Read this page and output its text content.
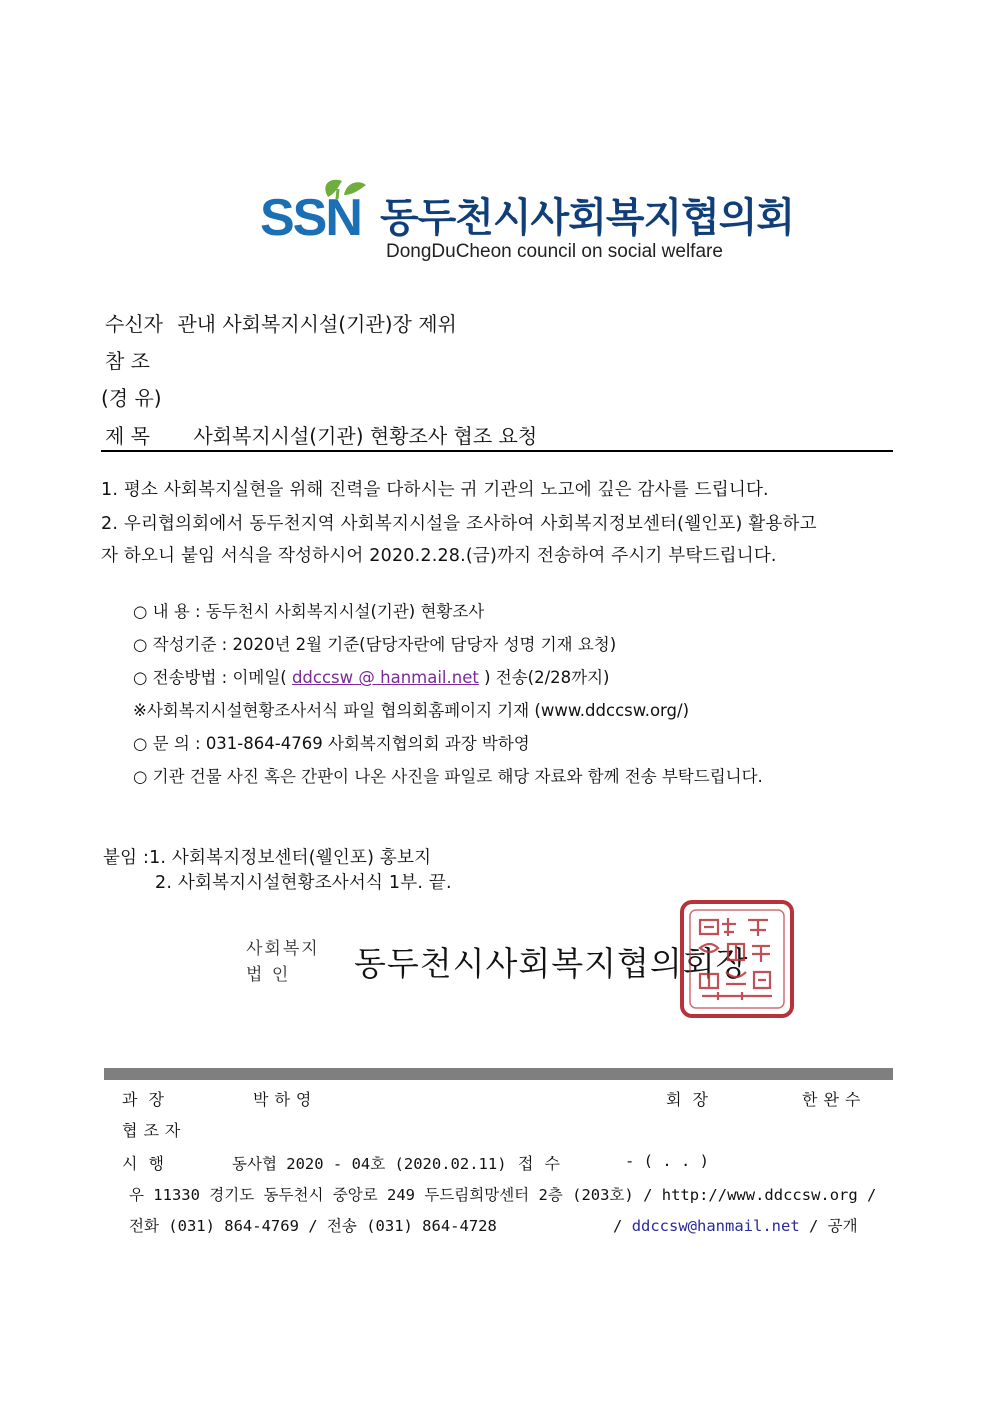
SSN 동두천시사회복지협의회
DongDuCheon council on social welfare
수신자 관내 사회복지시설(기관)장 제위
참 조
(경 유)
제 목 사회복지시설(기관) 현황조사 협조 요청
1. 평소 사회복지실현을 위해 진력을 다하시는 귀 기관의 노고에 깊은 감사를 드립니다.
2. 우리협의회에서 동두천지역 사회복지시설을 조사하여 사회복지정보센터(웰인포) 활용하고
자 하오니 붙임 서식을 작성하시어 2020.2.28.(금)까지 전송하여 주시기 부탁드립니다.
○ 내 용 : 동두천시 사회복지시설(기관) 현황조사
○ 작성기준 : 2020년 2월 기준(담당자란에 담당자 성명 기재 요청)
○ 전송방법 : 이메일( ddccsw @ hanmail.net ) 전송(2/28까지)
※사회복지시설현황조사서식 파일 협의회홈페이지 기재 (www.ddccsw.org/)
○ 문 의 : 031-864-4769 사회복지협의회 과장 박하영
○ 기관 건물 사진 혹은 간판이 나온 사진을 파일로 해당 자료와 함께 전송 부탁드립니다.
붙임 :1. 사회복지정보센터(웰인포) 홍보지
2. 사회복지시설현황조사서식 1부. 끝.
사회복지
법 인 동두천시사회복지협의회장
과 장	박하영	회 장	한완수
협조자
시 행	동사협 2020 - 04호 (2020.02.11) 접 수	- ( . . )
우 11330 경기도 동두천시 중앙로 249 두드림희망센터 2층 (203호) / http://www.ddccsw.org /
전화 (031) 864-4769 / 전송 (031) 864-4728	/ ddccsw@hanmail.net / 공개
